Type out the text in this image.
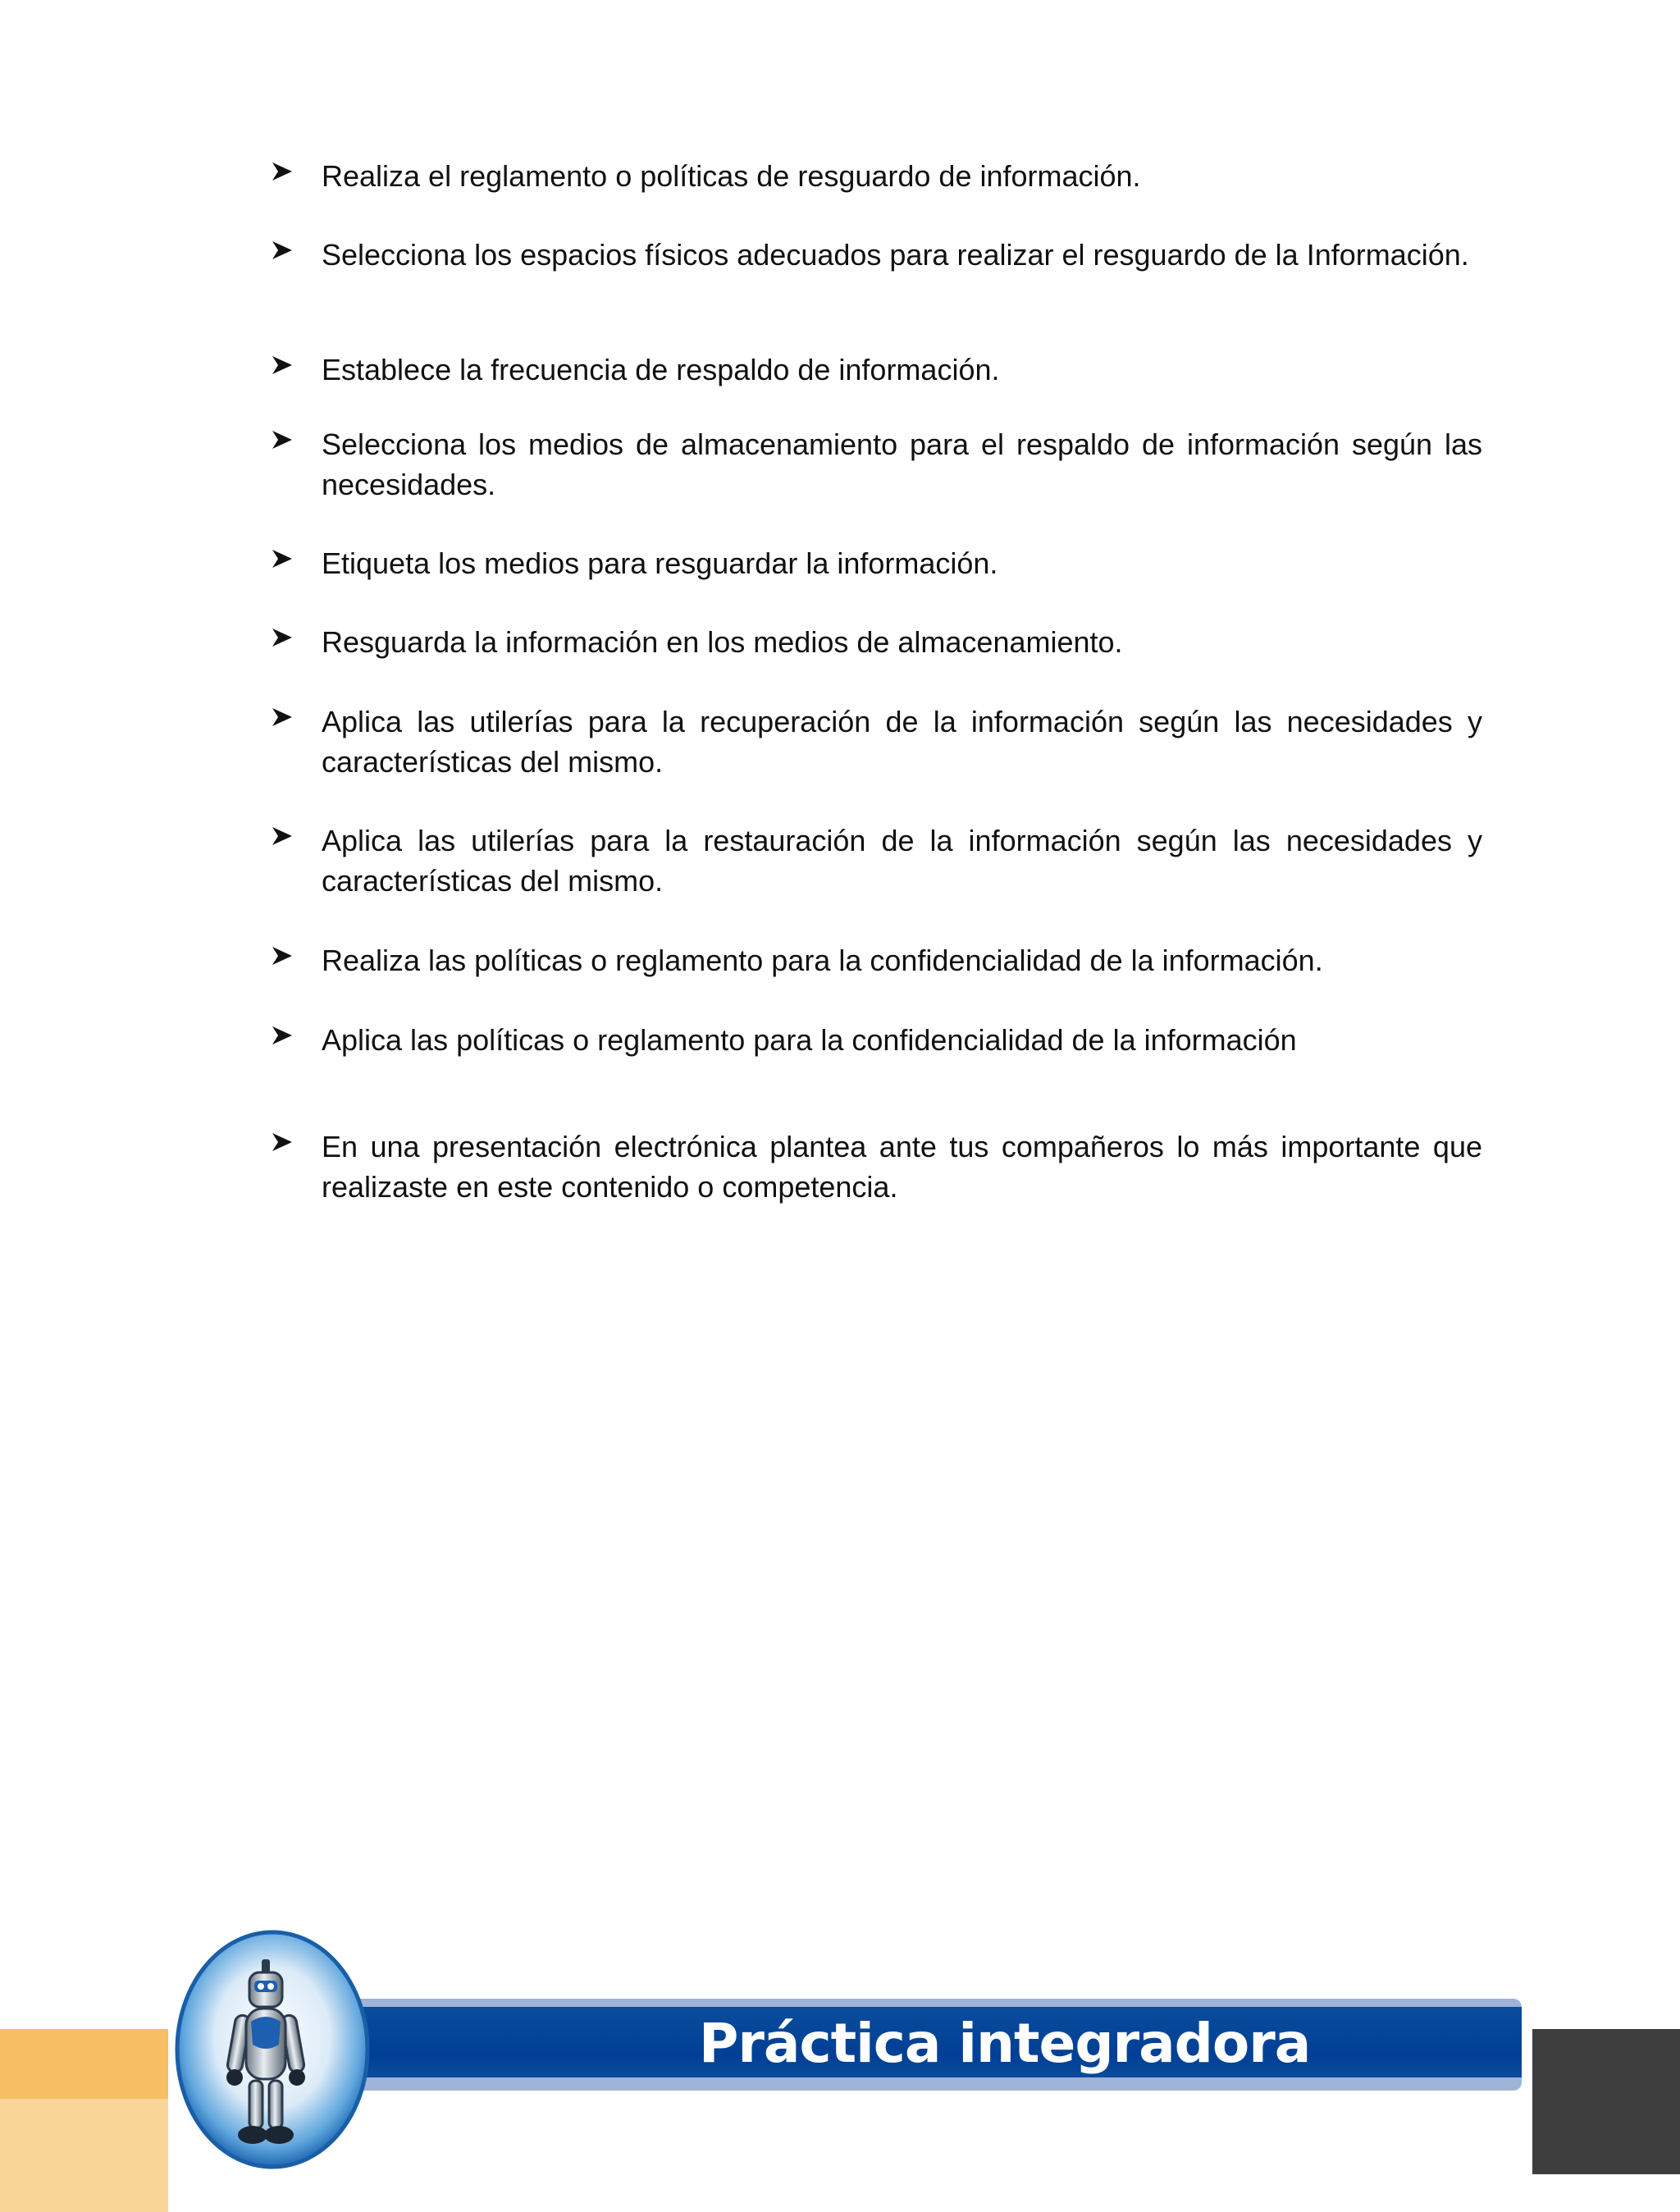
Realiza el reglamento o políticas de resguardo de información.
Selecciona los espacios físicos adecuados para realizar el resguardo de la Información.
Establece la frecuencia de respaldo de información.
Selecciona los medios de almacenamiento para el respaldo de información según las necesidades.
Etiqueta los medios para resguardar la información.
Resguarda la información en los medios de almacenamiento.
Aplica las utilerías para la recuperación de la información según las necesidades y características del mismo.
Aplica las utilerías para la restauración de la información según las necesidades y características del mismo.
Realiza las políticas o reglamento para la confidencialidad de la información.
Aplica las políticas o reglamento para la confidencialidad de la información
En una presentación electrónica plantea ante tus compañeros lo más importante que realizaste en este contenido o competencia.
Práctica integradora
